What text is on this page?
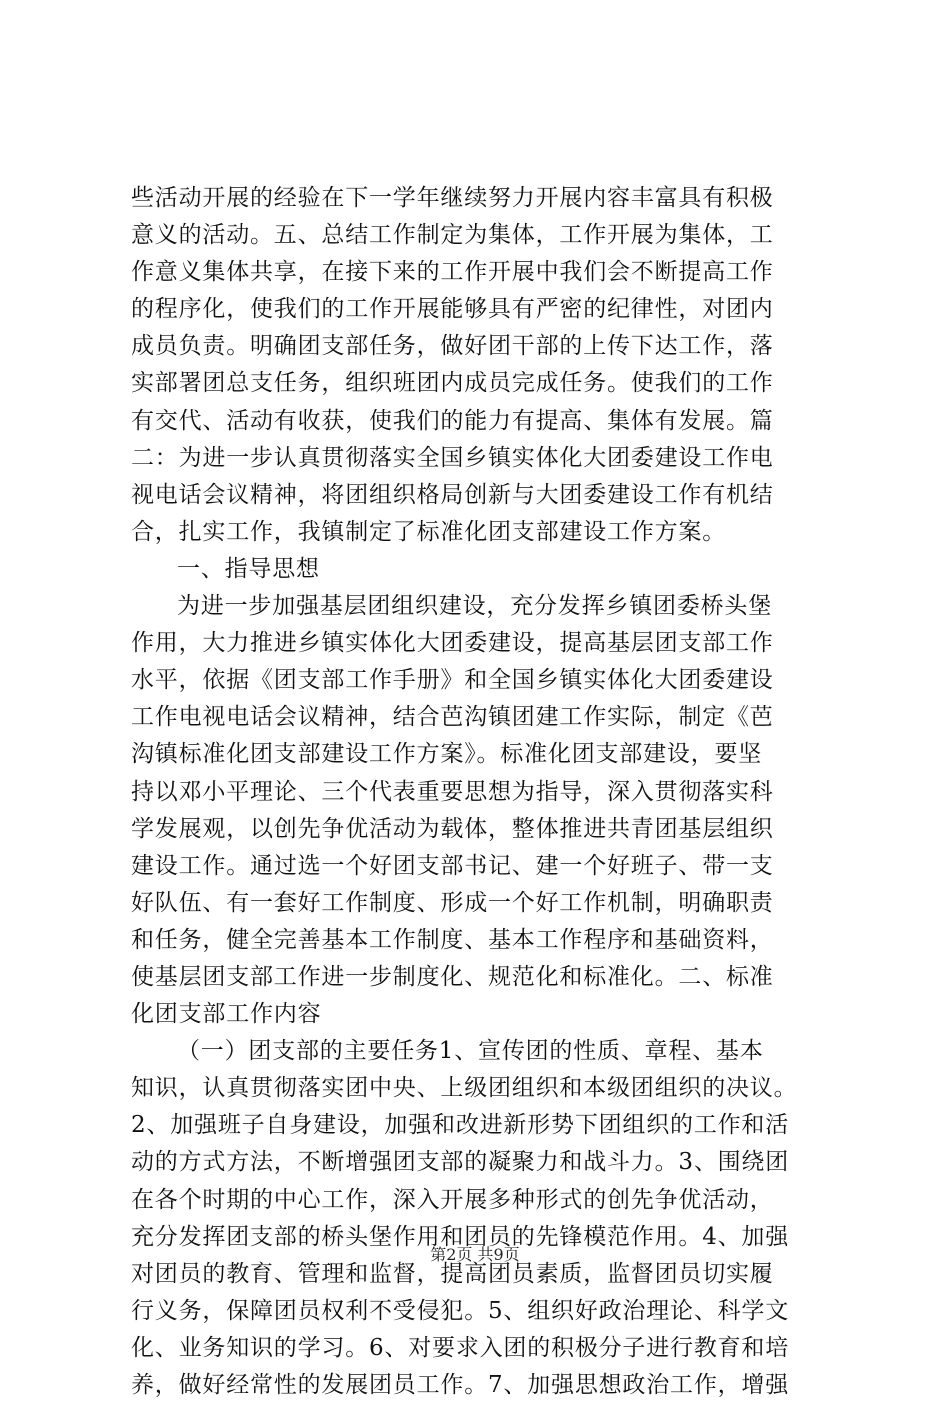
些活动开展的经验在下一学年继续努力开展内容丰富具有积极
意义的活动。五、总结工作制定为集体，工作开展为集体，工
作意义集体共享，在接下来的工作开展中我们会不断提高工作
的程序化，使我们的工作开展能够具有严密的纪律性，对团内
成员负责。明确团支部任务，做好团干部的上传下达工作，落
实部署团总支任务，组织班团内成员完成任务。使我们的工作
有交代、活动有收获，使我们的能力有提高、集体有发展。篇
二：为进一步认真贯彻落实全国乡镇实体化大团委建设工作电
视电话会议精神，将团组织格局创新与大团委建设工作有机结
合，扎实工作，我镇制定了标准化团支部建设工作方案。
一、指导思想
为进一步加强基层团组织建设，充分发挥乡镇团委桥头堡
作用，大力推进乡镇实体化大团委建设，提高基层团支部工作
水平，依据《团支部工作手册》和全国乡镇实体化大团委建设
工作电视电话会议精神，结合芭沟镇团建工作实际，制定《芭
沟镇标准化团支部建设工作方案》。标准化团支部建设，要坚
持以邓小平理论、三个代表重要思想为指导，深入贯彻落实科
学发展观，以创先争优活动为载体，整体推进共青团基层组织
建设工作。通过选一个好团支部书记、建一个好班子、带一支
好队伍、有一套好工作制度、形成一个好工作机制，明确职责
和任务，健全完善基本工作制度、基本工作程序和基础资料，
使基层团支部工作进一步制度化、规范化和标准化。二、标准
化团支部工作内容
（一）团支部的主要任务1、宣传团的性质、章程、基本
知识，认真贯彻落实团中央、上级团组织和本级团组织的决议。
2、加强班子自身建设，加强和改进新形势下团组织的工作和活
动的方式方法，不断增强团支部的凝聚力和战斗力。3、围绕团
在各个时期的中心工作，深入开展多种形式的创先争优活动，
充分发挥团支部的桥头堡作用和团员的先锋模范作用。4、加强
对团员的教育、管理和监督，提高团员素质，监督团员切实履
行义务，保障团员权利不受侵犯。5、组织好政治理论、科学文
化、业务知识的学习。6、对要求入团的积极分子进行教育和培
养，做好经常性的发展团员工作。7、加强思想政治工作，增强
第2页 共9页
